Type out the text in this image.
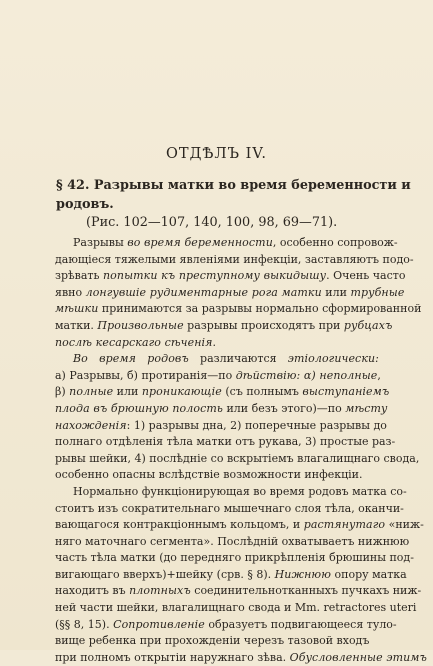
ОТДѢЛЪ IV.
§ 42. Разрывы матки во время беременности и
родовъ.
(Рис. 102—107, 140, 100, 98, 69—71).
Разрывы во время беременности, особенно сопровож-
дающіеся тяжелыми явленіями инфекціи, заставляютъ подо-
зрѣвать попытки къ преступному выкидышу. Очень часто
явно лонгувшіе рудиментарные рога матки или трубные
мѣшки принимаются за разрывы нормально сформированной
матки. Произвольные разрывы происходятъ при рубцахъ
послѣ кесарскаго сѣченія.
Во время родовъ различаются этіологически:
а) Разрывы, б) протиранія—по дѣйствію: α) неполные,
β) полные или проникающіе (съ полнымъ выступаніемъ
плода въ брюшную полость или безъ этого)—по мѣсту
нахожденія: 1) разрывы дна, 2) поперечные разрывы до
полнаго отдѣленія тѣла матки отъ рукава, 3) простые раз-
рывы шейки, 4) послѣдніе со вскрытіемъ влагалищнаго свода,
особенно опасны вслѣдствіе возможности инфекціи.
Нормально функціонирующая во время родовъ матка со-
стоитъ изъ сократительнаго мышечнаго слоя тѣла, оканчи-
вающагося контракціоннымъ кольцомъ, и растянутаго «ниж-
няго маточнаго сегмента». Послѣдній охватываетъ нижнюю
часть тѣла матки (до передняго прикрѣпленія брюшины под-
вигающаго вверхъ)+шейку (срв. § 8). Нижнюю опору матка
находитъ въ плотныхъ соединительнотканныхъ пучкахъ ниж-
ней части шейки, влагалищнаго свода и Mm. retractores uteri
(§§ 8, 15). Сопротивленіе образуетъ подвигающееся туло-
вище ребенка при прохожденіи черезъ тазовой входъ
при полномъ открытіи наружнаго зѣва. Обусловленные этимъ
